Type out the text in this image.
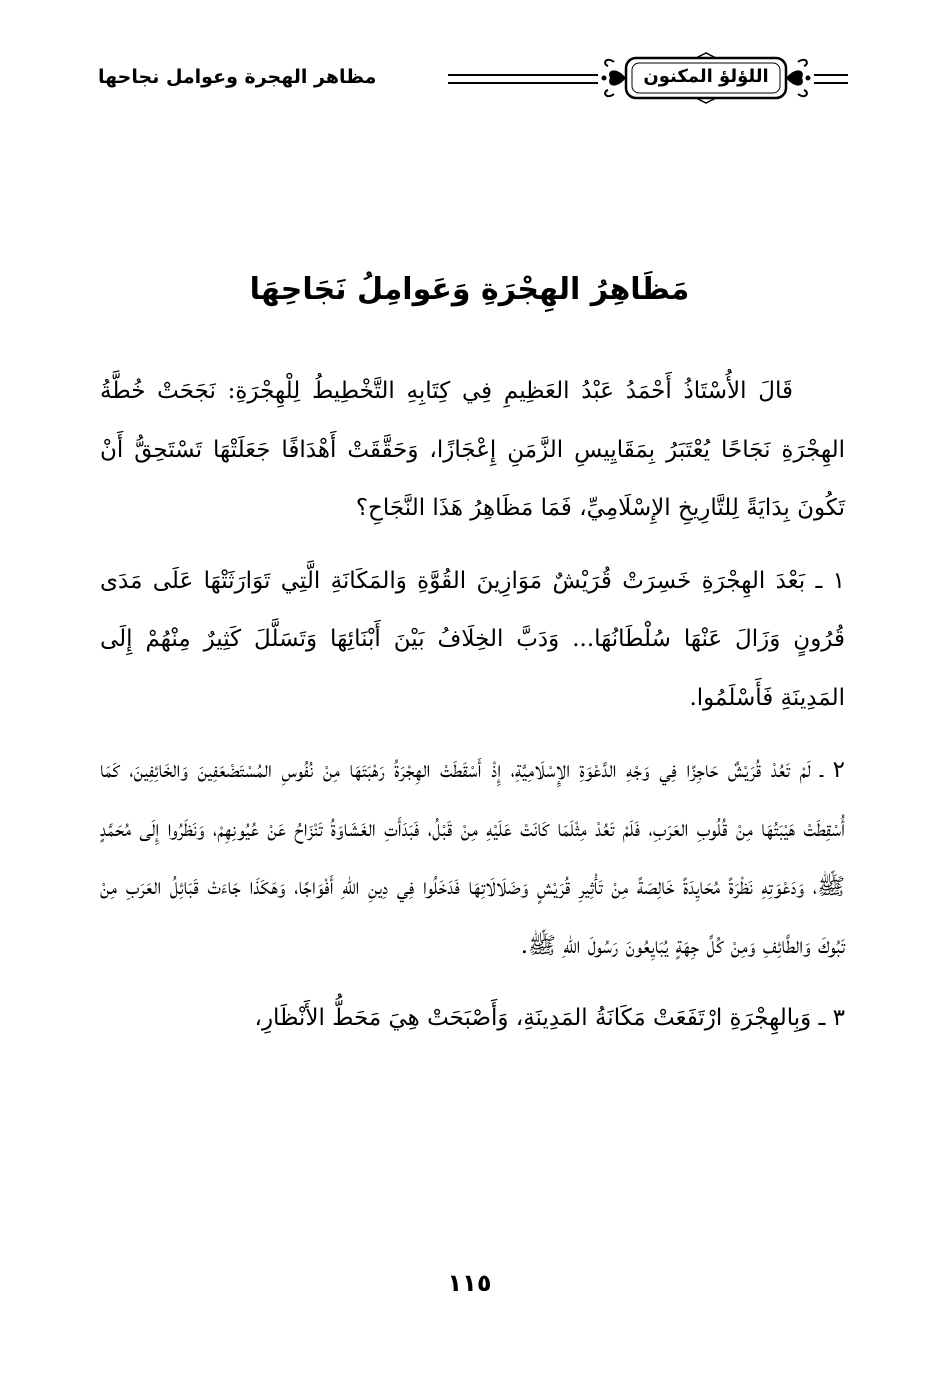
اللؤلؤ المكنون
مظاهر الهجرة وعوامل نجاحها
مَظَاهِرُ الهِجْرَةِ وَعَوامِلُ نَجَاحِهَا

قَالَ الأُسْتَاذُ أَحْمَدُ عَبْدُ العَظِيمِ فِي كِتَابِهِ التَّخْطِيطُ لِلْهِجْرَةِ: نَجَحَتْ خُطَّةُ الهِجْرَةِ نَجَاحًا يُعْتَبَرُ بِمَقَايِيسِ الزَّمَنِ إِعْجَازًا، وَحَقَّقَتْ أَهْدَافًا جَعَلَتْهَا تَسْتَحِقُّ أَنْ تَكُونَ بِدَايَةً لِلتَّارِيخِ الإِسْلَامِيِّ، فَمَا مَظَاهِرُ هَذَا النَّجَاحِ؟

١ ـ بَعْدَ الهِجْرَةِ خَسِرَتْ قُرَيْشٌ مَوَازِينَ القُوَّةِ وَالمَكَانَةِ الَّتِي تَوَارَثَتْهَا عَلَى مَدَى قُرُونٍ وَزَالَ عَنْهَا سُلْطَانُهَا... وَدَبَّ الخِلَافُ بَيْنَ أَبْنَائِهَا وَتَسَلَّلَ كَثِيرٌ مِنْهُمْ إِلَى المَدِينَةِ فَأَسْلَمُوا.

٢ ـ لَمْ تَعُدْ قُرَيْشٌ حَاجِزًا فِي وَجْهِ الدَّعْوَةِ الإِسْلَامِيَّةِ، إِذْ أَسْقَطَتْ الهِجْرَةُ رَهْبَتَهَا مِنْ نُفُوسِ المُسْتَضْعَفِينَ وَالخَائِفِينَ، كَمَا أُسْقِطَتْ هَيْبَتُهَا مِنْ قُلُوبِ العَرَبِ، فَلَمْ تَعُدْ مِثْلَمَا كَانَتْ عَلَيْهِ مِنْ قَبْلُ، فَبَدَأَتِ الغَشَاوَةُ تَنْزَاحُ عَنْ عُيُونِهِمْ، وَنَظَرُوا إِلَى مُحَمَّدٍ ﷺ، وَدَعْوَتِهِ نَظْرَةً مُحَايِدَةً خَالِصَةً مِنْ تَأْثِيرِ قُرَيْشٍ وَضَلَالَاتِهَا فَدَخَلُوا فِي دِينِ اللهِ أَفْوَاجًا، وَهَكَذَا جَاءَتْ قَبَائِلُ العَرَبِ مِنْ تَبُوكَ وَالطَّائِفِ وَمِنْ كُلِّ جِهَةٍ يُبَايِعُونَ رَسُولَ اللهِ ﷺ.

٣ ـ وَبِالهِجْرَةِ ارْتَفَعَتْ مَكَانَةُ المَدِينَةِ، وَأَصْبَحَتْ هِيَ مَحَطُّ الأَنْظَارِ،

١١٥
